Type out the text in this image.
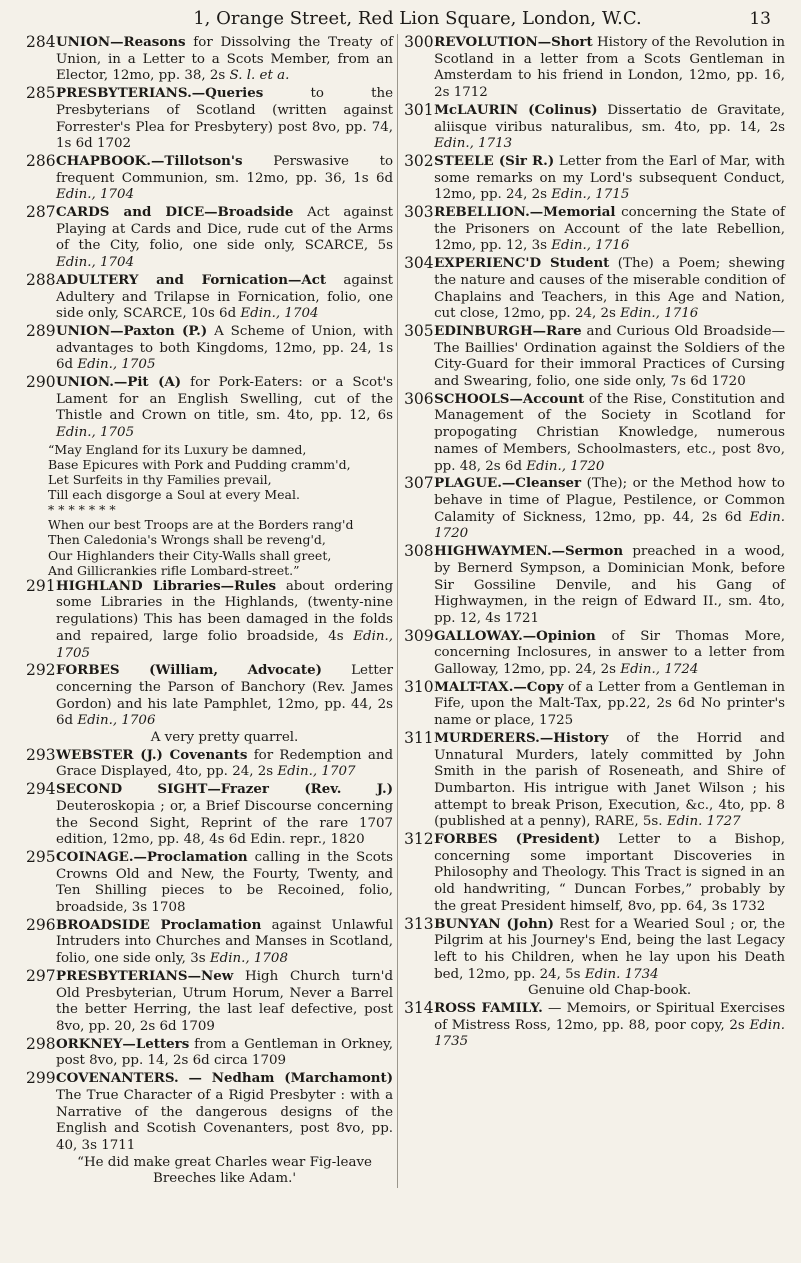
1, Orange Street, Red Lion Square, London, W.C.	13
284 UNION—Reasons for Dissolving the Treaty of Union, in a Letter to a Scots Member, from an Elector, 12mo, pp. 38, 2s S. l. et a.
285 PRESBYTERIANS.—Queries to the Presbyterians of Scotland (written against Forrester's Plea for Presbytery) post 8vo, pp. 74, 1s 6d 1702
286 CHAPBOOK.—Tillotson's Perswasive to frequent Communion, sm. 12mo, pp. 36, 1s 6d Edin., 1704
287 CARDS and DICE—Broadside Act against Playing at Cards and Dice, rude cut of the Arms of the City, folio, one side only, SCARCE, 5s Edin., 1704
288 ADULTERY and Fornication—Act against Adultery and Trilapse in Fornication, folio, one side only, SCARCE, 10s 6d Edin., 1704
289 UNION—Paxton (P.) A Scheme of Union, with advantages to both Kingdoms, 12mo, pp. 24, 1s 6d Edin., 1705
290 UNION.—Pit (A) for Pork-Eaters: or a Scot's Lament for an English Swelling, cut of the Thistle and Crown on title, sm. 4to, pp. 12, 6s Edin., 1705
“May England for its Luxury be damned,
Base Epicures with Pork and Pudding cramm'd,
Let Surfeits in thy Families prevail,
Till each disgorge a Soul at every Meal.
* * * * * * *
When our best Troops are at the Borders rang'd
Then Caledonia's Wrongs shall be reveng'd,
Our Highlanders their City-Walls shall greet,
And Gillicrankies rifle Lombard-street.”
291 HIGHLAND Libraries—Rules about ordering some Libraries in the Highlands, (twenty-nine regulations) This has been damaged in the folds and repaired, large folio broadside, 4s Edin., 1705
292 FORBES (William, Advocate) Letter concerning the Parson of Banchory (Rev. James Gordon) and his late Pamphlet, 12mo, pp. 44, 2s 6d Edin., 1706
A very pretty quarrel.
293 WEBSTER (J.) Covenants for Redemption and Grace Displayed, 4to, pp. 24, 2s Edin., 1707
294 SECOND SIGHT—Frazer (Rev. J.) Deuteroskopia ; or, a Brief Discourse concerning the Second Sight, Reprint of the rare 1707 edition, 12mo, pp. 48, 4s 6d Edin. repr., 1820
295 COINAGE.—Proclamation calling in the Scots Crowns Old and New, the Fourty, Twenty, and Ten Shilling pieces to be Recoined, folio, broadside, 3s 1708
296 BROADSIDE Proclamation against Unlawful Intruders into Churches and Manses in Scotland, folio, one side only, 3s Edin., 1708
297 PRESBYTERIANS—New High Church turn'd Old Presbyterian, Utrum Horum, Never a Barrel the better Herring, the last leaf defective, post 8vo, pp. 20, 2s 6d 1709
298 ORKNEY—Letters from a Gentleman in Orkney, post 8vo, pp. 14, 2s 6d circa 1709
299 COVENANTERS. — Nedham (Marchamont) The True Character of a Rigid Presbyter : with a Narrative of the dangerous designs of the English and Scotish Covenanters, post 8vo, pp. 40, 3s 1711
“He did make great Charles wear Fig-leave Breeches like Adam.'
300 REVOLUTION—Short History of the Revolution in Scotland in a letter from a Scots Gentleman in Amsterdam to his friend in London, 12mo, pp. 16, 2s 1712
301 McLAURIN (Colinus) Dissertatio de Gravitate, aliisque viribus naturalibus, sm. 4to, pp. 14, 2s Edin., 1713
302 STEELE (Sir R.) Letter from the Earl of Mar, with some remarks on my Lord's subsequent Conduct, 12mo, pp. 24, 2s Edin., 1715
303 REBELLION.—Memorial concerning the State of the Prisoners on Account of the late Rebellion, 12mo, pp. 12, 3s Edin., 1716
304 EXPERIENC'D Student (The) a Poem; shewing the nature and causes of the miserable condition of Chaplains and Teachers, in this Age and Nation, cut close, 12mo, pp. 24, 2s Edin., 1716
305 EDINBURGH—Rare and Curious Old Broadside—The Baillies' Ordination against the Soldiers of the City-Guard for their immoral Practices of Cursing and Swearing, folio, one side only, 7s 6d 1720
306 SCHOOLS—Account of the Rise, Constitution and Management of the Society in Scotland for propogating Christian Knowledge, numerous names of Members, Schoolmasters, etc., post 8vo, pp. 48, 2s 6d Edin., 1720
307 PLAGUE.—Cleanser (The); or the Method how to behave in time of Plague, Pestilence, or Common Calamity of Sickness, 12mo, pp. 44, 2s 6d Edin. 1720
308 HIGHWAYMEN.—Sermon preached in a wood, by Bernerd Sympson, a Dominician Monk, before Sir Gossiline Denvile, and his Gang of Highwaymen, in the reign of Edward II., sm. 4to, pp. 12, 4s 1721
309 GALLOWAY.—Opinion of Sir Thomas More, concerning Inclosures, in answer to a letter from Galloway, 12mo, pp. 24, 2s Edin., 1724
310 MALT-TAX.—Copy of a Letter from a Gentleman in Fife, upon the Malt-Tax, pp.22, 2s 6d No printer's name or place, 1725
311 MURDERERS.—History of the Horrid and Unnatural Murders, lately committed by John Smith in the parish of Roseneath, and Shire of Dumbarton. His intrigue with Janet Wilson ; his attempt to break Prison, Execution, &c., 4to, pp. 8 (published at a penny), RARE, 5s. Edin. 1727
312 FORBES (President) Letter to a Bishop, concerning some important Discoveries in Philosophy and Theology. This Tract is signed in an old handwriting, “ Duncan Forbes,” probably by the great President himself, 8vo, pp. 64, 3s 1732
313 BUNYAN (John) Rest for a Wearied Soul ; or, the Pilgrim at his Journey's End, being the last Legacy left to his Children, when he lay upon his Death bed, 12mo, pp. 24, 5s Edin. 1734
Genuine old Chap-book.
314 ROSS FAMILY. — Memoirs, or Spiritual Exercises of Mistress Ross, 12mo, pp. 88, poor copy, 2s Edin. 1735
